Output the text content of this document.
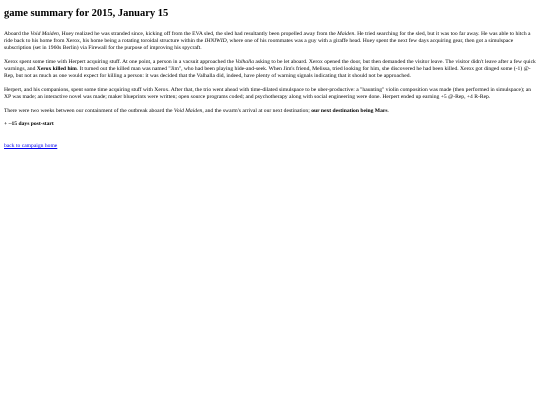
game summary for 2015, January 15

Aboard the Void Maiden, Huey realized he was stranded since, kicking off from the EVA sled, the sled had resultantly been propelled away from the Maiden. He tried searching for the sled, but it was too far away. He was able to hitch a ride back to his home from Xerox, his home being a rotating toroidal structure within the IHNIWID, where one of his roommates was a guy with a giraffe head. Huey spent the next few days acquiring gear, then got a simulspace subscription (set in 1960s Berlin) via Firewall for the purpose of improving his spycraft.

Xerox spent some time with Herpert acquiring stuff. At one point, a person in a vacsuit approached the Valhalla asking to be let aboard. Xerox opened the door, but then demanded the visitor leave. The visitor didn't leave after a few quick warnings, and Xerox killed him. It turned out the killed man was named "Jim", who had been playing hide-and-seek. When Jim's friend, Melissa, tried looking for him, she discovered he had been killed. Xerox got dinged some (-1) @-Rep, but not as much as one would expect for killing a person: it was decided that the Valhalla did, indeed, have plenty of warning signals indicating that it should not be approached.

Herpert, and his companions, spent some time acquiring stuff with Xerox. After that, the trio went ahead with time-dilated simulspace to be uber-productive: a "haunting" violin composition was made (then performed in simulspace); an XP was made; an interactive novel was made; maker blueprints were written; open source programs coded; and psychotherapy along with social engineering were done. Herpert ended up earning +5 @-Rep, +4 R-Rep.

There were two weeks between our containment of the outbreak aboard the Void Maiden, and the swarm's arrival at our next destination; our next destination being Mars.

+ ~15 days post-start
back to campaign home
